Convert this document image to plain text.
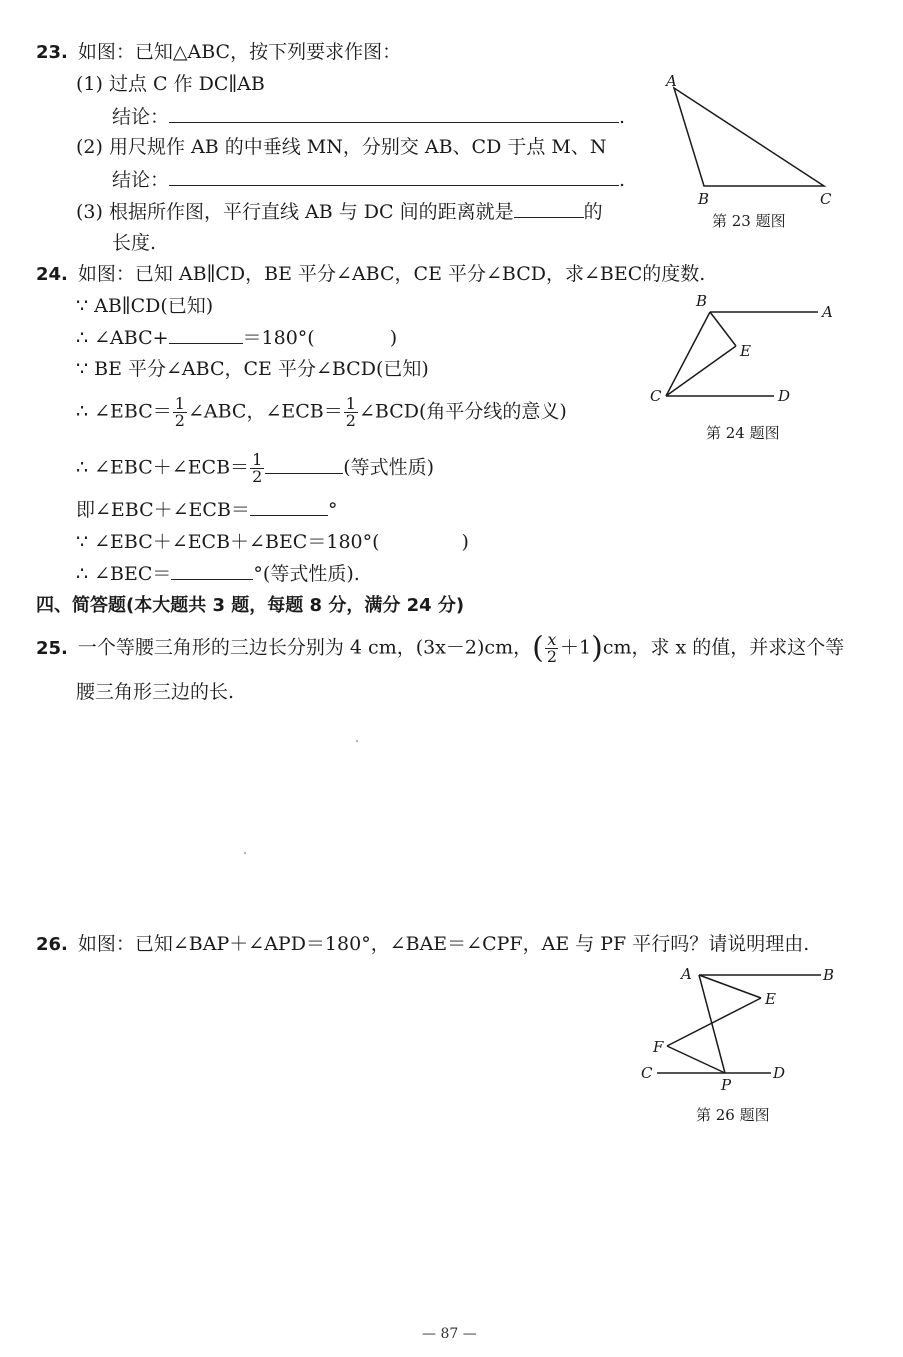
23. 如图：已知△ABC，按下列要求作图：
(1) 过点 C 作 DC∥AB
结论：	.
(2) 用尺规作 AB 的中垂线 MN，分别交 AB、CD 于点 M、N
结论：	.
(3) 根据所作图，平行直线 AB 与 DC 间的距离就是	的
长度.
A
B	C
第 23 题图
24. 如图：已知 AB∥CD，BE 平分∠ABC，CE 平分∠BCD，求∠BEC的度数.
∵ AB∥CD(已知)
∴ ∠ABC+	＝180°(	)
∵ BE 平分∠ABC，CE 平分∠BCD(已知)
∴ ∠EBC＝ $\frac{1}{2}$ ∠ABC，∠ECB＝ $\frac{1}{2}$ ∠BCD(角平分线的意义)
∴ ∠EBC＋∠ECB＝ $\frac{1}{2}$	(等式性质)
即∠EBC＋∠ECB＝	°
∵ ∠EBC＋∠ECB＋∠BEC＝180°(	)
∴ ∠BEC＝	°(等式性质).
B
A
E
C	D
第 24 题图
四、简答题(本大题共 3 题，每题 8 分，满分 24 分)
25. 一个等腰三角形的三边长分别为 4 cm，(3x－2)cm，( $\frac{x}{2} +1)cm$，求 x 的值，并求这个等
腰三角形三边的长.
26. 如图：已知∠BAP＋∠APD＝180°，∠BAE＝∠CPF，AE 与 PF 平行吗？请说明理由.
A	B
E
F
C
P
D
第 26 题图
— 87 —
